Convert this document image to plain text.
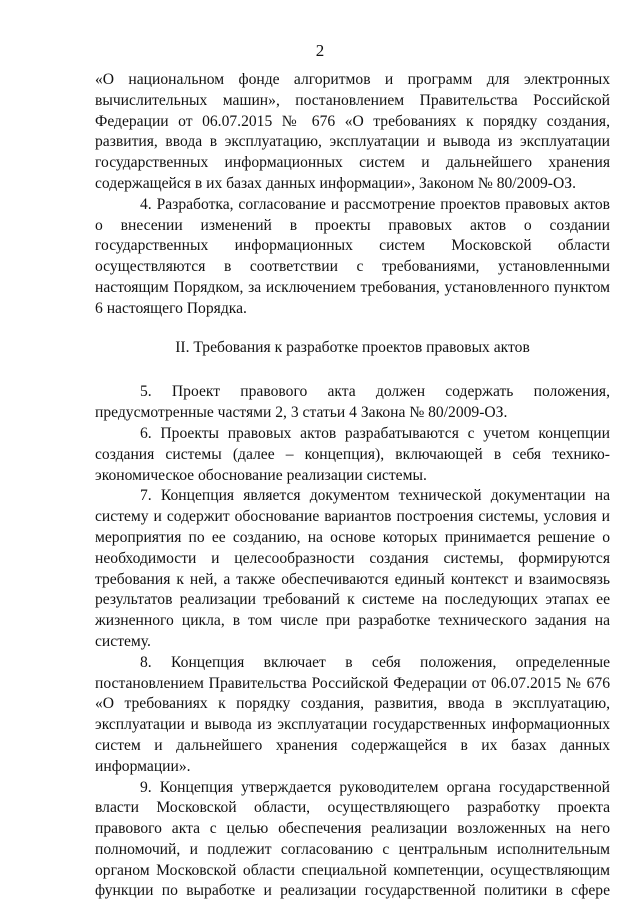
2

«О национальном фонде алгоритмов и программ для электронных вычислительных машин», постановлением Правительства Российской Федерации от 06.07.2015 № 676 «О требованиях к порядку создания, развития, ввода в эксплуатацию, эксплуатации и вывода из эксплуатации государственных информационных систем и дальнейшего хранения содержащейся в их базах данных информации», Законом № 80/2009-ОЗ.

4. Разработка, согласование и рассмотрение проектов правовых актов о внесении изменений в проекты правовых актов о создании государственных информационных систем Московской области осуществляются в соответствии с требованиями, установленными настоящим Порядком, за исключением требования, установленного пунктом 6 настоящего Порядка.

II. Требования к разработке проектов правовых актов

5. Проект правового акта должен содержать положения, предусмотренные частями 2, 3 статьи 4 Закона № 80/2009-ОЗ.

6. Проекты правовых актов разрабатываются с учетом концепции создания системы (далее – концепция), включающей в себя технико-экономическое обоснование реализации системы.

7. Концепция является документом технической документации на систему и содержит обоснование вариантов построения системы, условия и мероприятия по ее созданию, на основе которых принимается решение о необходимости и целесообразности создания системы, формируются требования к ней, а также обеспечиваются единый контекст и взаимосвязь результатов реализации требований к системе на последующих этапах ее жизненного цикла, в том числе при разработке технического задания на систему.

8. Концепция включает в себя положения, определенные постановлением Правительства Российской Федерации от 06.07.2015 № 676 «О требованиях к порядку создания, развития, ввода в эксплуатацию, эксплуатации и вывода из эксплуатации государственных информационных систем и дальнейшего хранения содержащейся в их базах данных информации».

9. Концепция утверждается руководителем органа государственной власти Московской области, осуществляющего разработку проекта правового акта с целью обеспечения реализации возложенных на него полномочий, и подлежит согласованию с центральным исполнительным органом Московской области специальной компетенции, осуществляющим функции по выработке и реализации государственной политики в сфере
